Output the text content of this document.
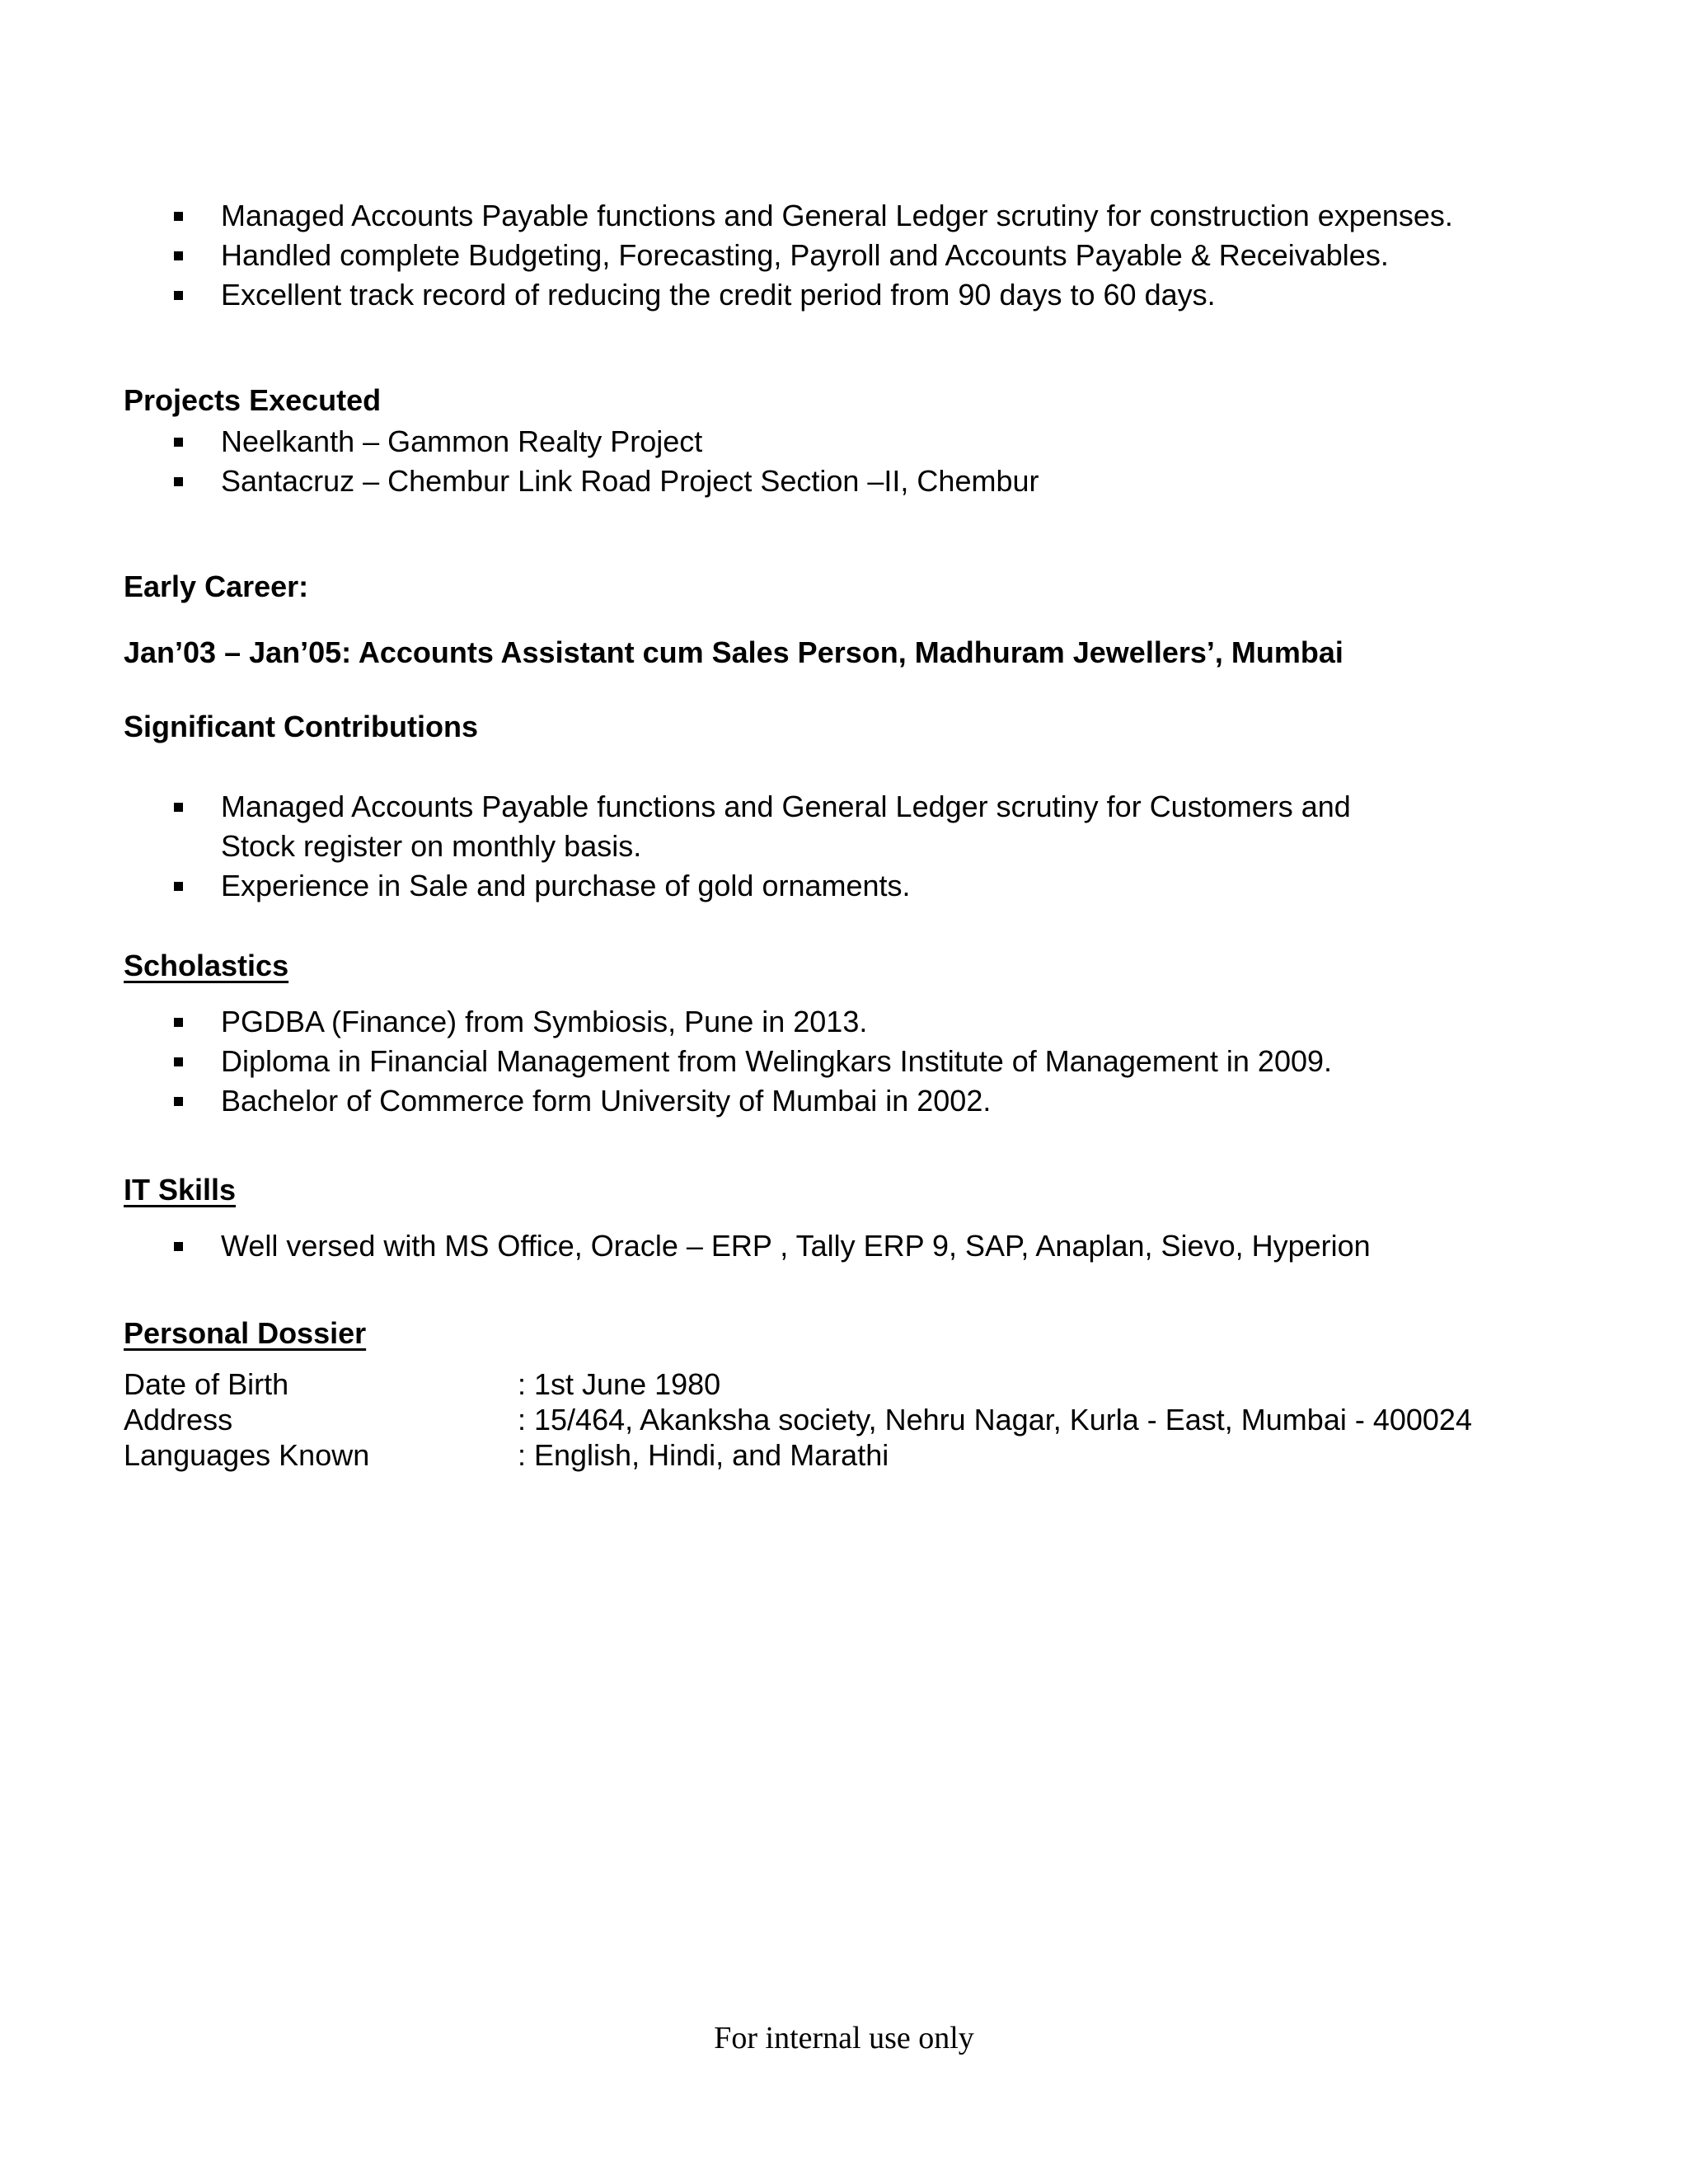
Managed Accounts Payable functions and General Ledger scrutiny for construction expenses.
Handled complete Budgeting, Forecasting, Payroll and Accounts Payable & Receivables.
Excellent track record of reducing the credit period from 90 days to 60 days.
Projects Executed
Neelkanth – Gammon Realty Project
Santacruz – Chembur Link Road Project Section –II, Chembur
Early Career:
Jan’03 – Jan’05: Accounts Assistant cum Sales Person, Madhuram Jewellers’, Mumbai
Significant Contributions
Managed Accounts Payable functions and General Ledger scrutiny for Customers and
Stock register on monthly basis.
Experience in Sale and purchase of gold ornaments.
Scholastics
PGDBA (Finance) from Symbiosis, Pune in 2013.
Diploma in Financial Management from Welingkars Institute of Management in 2009.
Bachelor of Commerce form University of Mumbai in 2002.
IT Skills
Well versed with MS Office, Oracle – ERP , Tally ERP 9, SAP, Anaplan, Sievo, Hyperion
Personal Dossier
Date of Birth	: 1st June 1980
Address	: 15/464, Akanksha society, Nehru Nagar, Kurla - East, Mumbai - 400024
Languages Known	: English, Hindi, and Marathi
For internal use only
